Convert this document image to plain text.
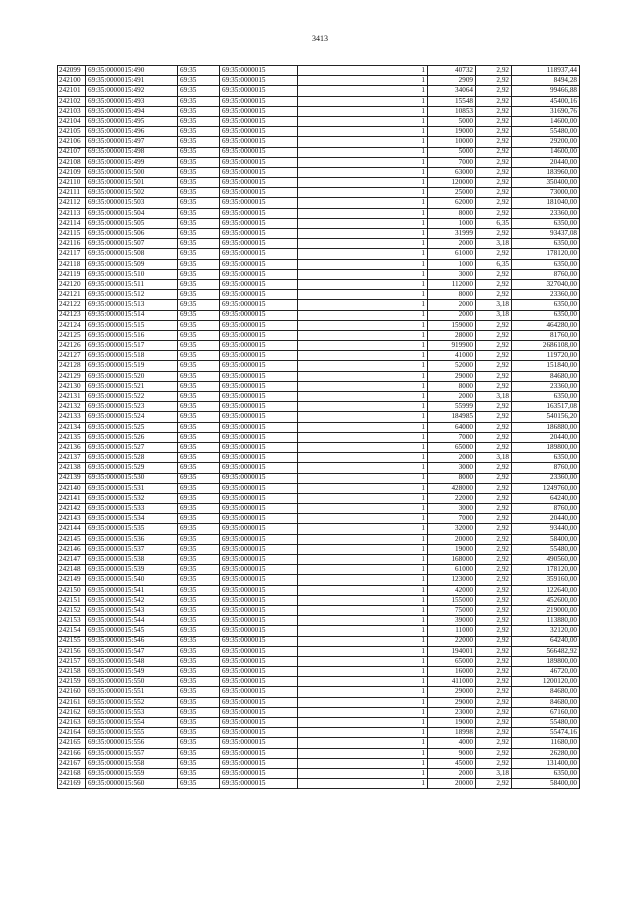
3413
242099	69:35:0000015:490	69:35	69:35:0000015	1	40732	2,92	118937,44
242100	69:35:0000015:491	69:35	69:35:0000015	1	2909	2,92	8494,28
242101	69:35:0000015:492	69:35	69:35:0000015	1	34064	2,92	99466,88
242102	69:35:0000015:493	69:35	69:35:0000015	1	15548	2,92	45400,16
242103	69:35:0000015:494	69:35	69:35:0000015	1	10853	2,92	31690,76
242104	69:35:0000015:495	69:35	69:35:0000015	1	5000	2,92	14600,00
242105	69:35:0000015:496	69:35	69:35:0000015	1	19000	2,92	55480,00
242106	69:35:0000015:497	69:35	69:35:0000015	1	10000	2,92	29200,00
242107	69:35:0000015:498	69:35	69:35:0000015	1	5000	2,92	14600,00
242108	69:35:0000015:499	69:35	69:35:0000015	1	7000	2,92	20440,00
242109	69:35:0000015:500	69:35	69:35:0000015	1	63000	2,92	183960,00
242110	69:35:0000015:501	69:35	69:35:0000015	1	120000	2,92	350400,00
242111	69:35:0000015:502	69:35	69:35:0000015	1	25000	2,92	73000,00
242112	69:35:0000015:503	69:35	69:35:0000015	1	62000	2,92	181040,00
242113	69:35:0000015:504	69:35	69:35:0000015	1	8000	2,92	23360,00
242114	69:35:0000015:505	69:35	69:35:0000015	1	1000	6,35	6350,00
242115	69:35:0000015:506	69:35	69:35:0000015	1	31999	2,92	93437,08
242116	69:35:0000015:507	69:35	69:35:0000015	1	2000	3,18	6350,00
242117	69:35:0000015:508	69:35	69:35:0000015	1	61000	2,92	178120,00
242118	69:35:0000015:509	69:35	69:35:0000015	1	1000	6,35	6350,00
242119	69:35:0000015:510	69:35	69:35:0000015	1	3000	2,92	8760,00
242120	69:35:0000015:511	69:35	69:35:0000015	1	112000	2,92	327040,00
242121	69:35:0000015:512	69:35	69:35:0000015	1	8000	2,92	23360,00
242122	69:35:0000015:513	69:35	69:35:0000015	1	2000	3,18	6350,00
242123	69:35:0000015:514	69:35	69:35:0000015	1	2000	3,18	6350,00
242124	69:35:0000015:515	69:35	69:35:0000015	1	159000	2,92	464280,00
242125	69:35:0000015:516	69:35	69:35:0000015	1	28000	2,92	81760,00
242126	69:35:0000015:517	69:35	69:35:0000015	1	919900	2,92	2686108,00
242127	69:35:0000015:518	69:35	69:35:0000015	1	41000	2,92	119720,00
242128	69:35:0000015:519	69:35	69:35:0000015	1	52000	2,92	151840,00
242129	69:35:0000015:520	69:35	69:35:0000015	1	29000	2,92	84680,00
242130	69:35:0000015:521	69:35	69:35:0000015	1	8000	2,92	23360,00
242131	69:35:0000015:522	69:35	69:35:0000015	1	2000	3,18	6350,00
242132	69:35:0000015:523	69:35	69:35:0000015	1	55999	2,92	163517,08
242133	69:35:0000015:524	69:35	69:35:0000015	1	184985	2,92	540156,20
242134	69:35:0000015:525	69:35	69:35:0000015	1	64000	2,92	186880,00
242135	69:35:0000015:526	69:35	69:35:0000015	1	7000	2,92	20440,00
242136	69:35:0000015:527	69:35	69:35:0000015	1	65000	2,92	189800,00
242137	69:35:0000015:528	69:35	69:35:0000015	1	2000	3,18	6350,00
242138	69:35:0000015:529	69:35	69:35:0000015	1	3000	2,92	8760,00
242139	69:35:0000015:530	69:35	69:35:0000015	1	8000	2,92	23360,00
242140	69:35:0000015:531	69:35	69:35:0000015	1	428000	2,92	1249760,00
242141	69:35:0000015:532	69:35	69:35:0000015	1	22000	2,92	64240,00
242142	69:35:0000015:533	69:35	69:35:0000015	1	3000	2,92	8760,00
242143	69:35:0000015:534	69:35	69:35:0000015	1	7000	2,92	20440,00
242144	69:35:0000015:535	69:35	69:35:0000015	1	32000	2,92	93440,00
242145	69:35:0000015:536	69:35	69:35:0000015	1	20000	2,92	58400,00
242146	69:35:0000015:537	69:35	69:35:0000015	1	19000	2,92	55480,00
242147	69:35:0000015:538	69:35	69:35:0000015	1	168000	2,92	490560,00
242148	69:35:0000015:539	69:35	69:35:0000015	1	61000	2,92	178120,00
242149	69:35:0000015:540	69:35	69:35:0000015	1	123000	2,92	359160,00
242150	69:35:0000015:541	69:35	69:35:0000015	1	42000	2,92	122640,00
242151	69:35:0000015:542	69:35	69:35:0000015	1	155000	2,92	452600,00
242152	69:35:0000015:543	69:35	69:35:0000015	1	75000	2,92	219000,00
242153	69:35:0000015:544	69:35	69:35:0000015	1	39000	2,92	113880,00
242154	69:35:0000015:545	69:35	69:35:0000015	1	11000	2,92	32120,00
242155	69:35:0000015:546	69:35	69:35:0000015	1	22000	2,92	64240,00
242156	69:35:0000015:547	69:35	69:35:0000015	1	194001	2,92	566482,92
242157	69:35:0000015:548	69:35	69:35:0000015	1	65000	2,92	189800,00
242158	69:35:0000015:549	69:35	69:35:0000015	1	16000	2,92	46720,00
242159	69:35:0000015:550	69:35	69:35:0000015	1	411000	2,92	1200120,00
242160	69:35:0000015:551	69:35	69:35:0000015	1	29000	2,92	84680,00
242161	69:35:0000015:552	69:35	69:35:0000015	1	29000	2,92	84680,00
242162	69:35:0000015:553	69:35	69:35:0000015	1	23000	2,92	67160,00
242163	69:35:0000015:554	69:35	69:35:0000015	1	19000	2,92	55480,00
242164	69:35:0000015:555	69:35	69:35:0000015	1	18998	2,92	55474,16
242165	69:35:0000015:556	69:35	69:35:0000015	1	4000	2,92	11680,00
242166	69:35:0000015:557	69:35	69:35:0000015	1	9000	2,92	26280,00
242167	69:35:0000015:558	69:35	69:35:0000015	1	45000	2,92	131400,00
242168	69:35:0000015:559	69:35	69:35:0000015	1	2000	3,18	6350,00
242169	69:35:0000015:560	69:35	69:35:0000015	1	20000	2,92	58400,00
